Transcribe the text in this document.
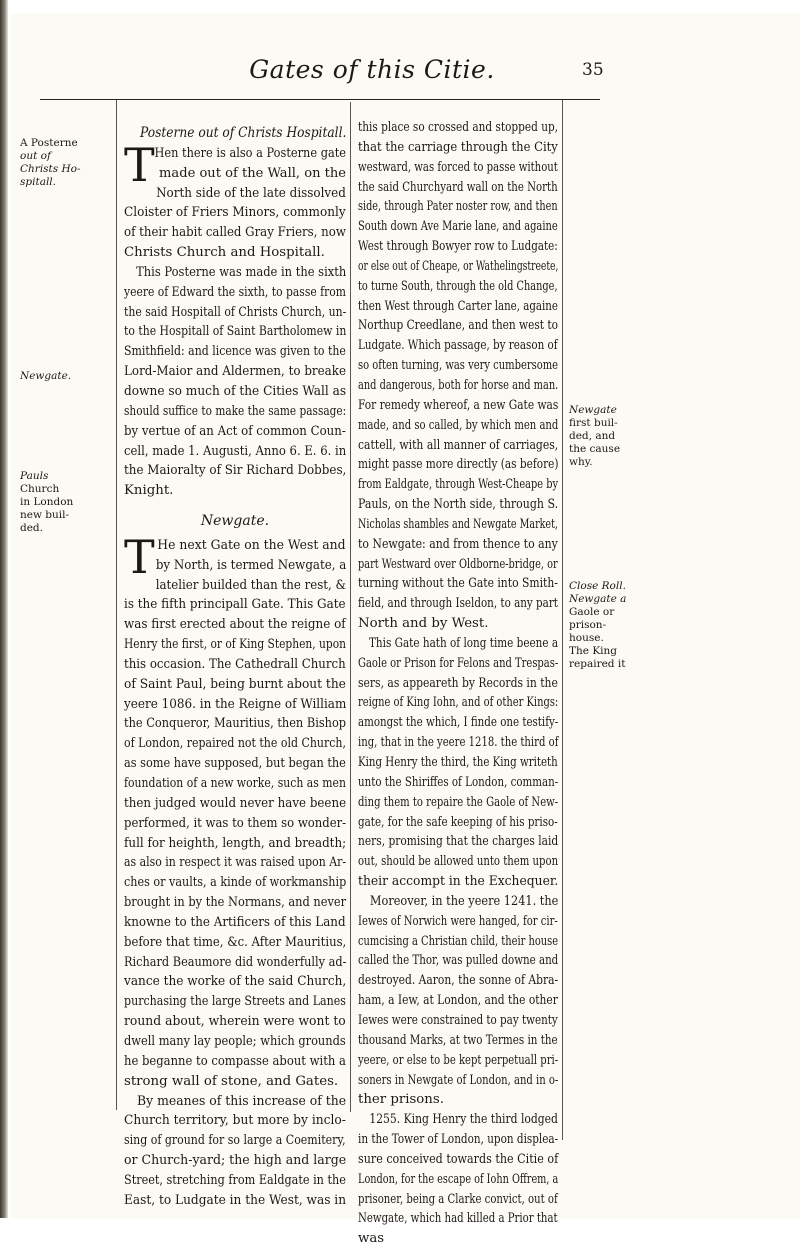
Gates of this Citie.	35
A Posterne
out of
Christs Ho-
spitall.
Newgate.
Pauls
Church
in London
new buil-
ded.
Newgate
first buil-
ded, and
the cause
why.
Close Roll.
Newgate a
Gaole or
prison-
house.
The King
repaired it

Posterne out of Christs Hospitall.

T Hen there is also a Posterne gate

made out of the Wall, on the

North side of the late dissolved

Cloister of Friers Minors, commonly

of their habit called Gray Friers, now

Christs Church and Hospitall.

This Posterne was made in the sixth

yeere of Edward the sixth, to passe from

the said Hospitall of Christs Church, un-

to the Hospitall of Saint Bartholomew in

Smithfield: and licence was given to the

Lord-Maior and Aldermen, to breake

downe so much of the Cities Wall as

should suffice to make the same passage:

by vertue of an Act of common Coun-

cell, made 1. Augusti, Anno 6. E. 6. in

the Maioralty of Sir Richard Dobbes,

Knight.

Newgate.

T He next Gate on the West and

by North, is termed Newgate, a

latelier builded than the rest, &

is the fifth principall Gate. This Gate

was first erected about the reigne of

Henry the first, or of King Stephen, upon

this occasion. The Cathedrall Church

of Saint Paul, being burnt about the

yeere 1086. in the Reigne of William

the Conqueror, Mauritius, then Bishop

of London, repaired not the old Church,

as some have supposed, but began the

foundation of a new worke, such as men

then judged would never have beene

performed, it was to them so wonder-

full for heighth, length, and breadth;

as also in respect it was raised upon Ar-

ches or vaults, a kinde of workmanship

brought in by the Normans, and never

knowne to the Artificers of this Land

before that time, &c. After Mauritius,

Richard Beaumore did wonderfully ad-

vance the worke of the said Church,

purchasing the large Streets and Lanes

round about, wherein were wont to

dwell many lay people; which grounds

he beganne to compasse about with a

strong wall of stone, and Gates.

By meanes of this increase of the

Church territory, but more by inclo-

sing of ground for so large a Coemitery,

or Church-yard; the high and large

Street, stretching from Ealdgate in the

East, to Ludgate in the West, was in

this place so crossed and stopped up,

that the carriage through the City

westward, was forced to passe without

the said Churchyard wall on the North

side, through Pater noster row, and then

South down Ave Marie lane, and againe

West through Bowyer row to Ludgate:

or else out of Cheape, or Wathelingstreete,

to turne South, through the old Change,

then West through Carter lane, againe

Northup Creedlane, and then west to

Ludgate. Which passage, by reason of

so often turning, was very cumbersome

and dangerous, both for horse and man.

For remedy whereof, a new Gate was

made, and so called, by which men and

cattell, with all manner of carriages,

might passe more directly (as before)

from Ealdgate, through West-Cheape by

Pauls, on the North side, through S.

Nicholas shambles and Newgate Market,

to Newgate: and from thence to any

part Westward over Oldborne-bridge, or

turning without the Gate into Smith-

field, and through Iseldon, to any part

North and by West.

This Gate hath of long time beene a

Gaole or Prison for Felons and Trespas-

sers, as appeareth by Records in the

reigne of King Iohn, and of other Kings:

amongst the which, I finde one testify-

ing, that in the yeere 1218. the third of

King Henry the third, the King writeth

unto the Shiriffes of London, comman-

ding them to repaire the Gaole of New-

gate, for the safe keeping of his priso-

ners, promising that the charges laid

out, should be allowed unto them upon

their accompt in the Exchequer.

Moreover, in the yeere 1241. the

Iewes of Norwich were hanged, for cir-

cumcising a Christian child, their house

called the Thor, was pulled downe and

destroyed. Aaron, the sonne of Abra-

ham, a Iew, at London, and the other

Iewes were constrained to pay twenty

thousand Marks, at two Termes in the

yeere, or else to be kept perpetuall pri-

soners in Newgate of London, and in o-

ther prisons.

1255. King Henry the third lodged

in the Tower of London, upon displea-

sure conceived towards the Citie of

London, for the escape of Iohn Offrem, a

prisoner, being a Clarke convict, out of

Newgate, which had killed a Prior that

was
